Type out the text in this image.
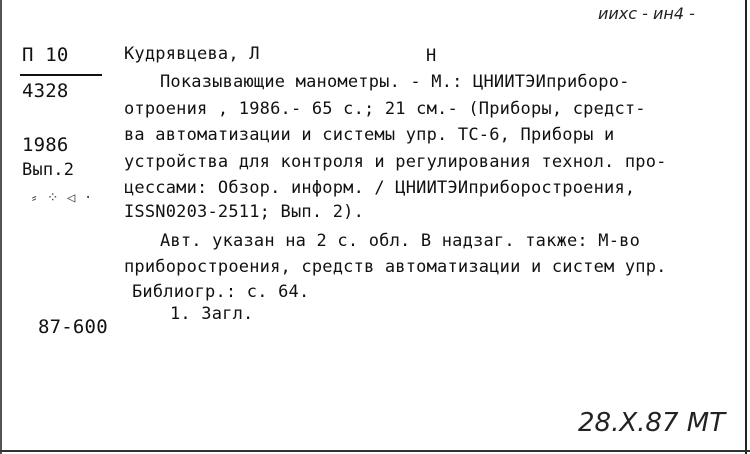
иихс - ин4 -
П 10
4328
1986
Вып.2
⸗ ⁘ ◁ ·
87-600
Кудрявцева, Л	Н
Показывающие манометры. - М.: ЦНИИТЭИприборо-
отроения , 1986.- 65 с.; 21 см.- (Приборы, средст-
ва автоматизации и системы упр. ТС-6, Приборы и
устройства для контроля и регулирования технол. про-
цессами: Обзор. информ. / ЦНИИТЭИприборостроения,
ISSN0203-2511; Вып. 2).
Авт. указан на 2 с. обл. В надзаг. также: М-во
приборостроения, средств автоматизации и систем упр.
Библиогр.: с. 64.
1. Загл.
28.X.87 МТ
